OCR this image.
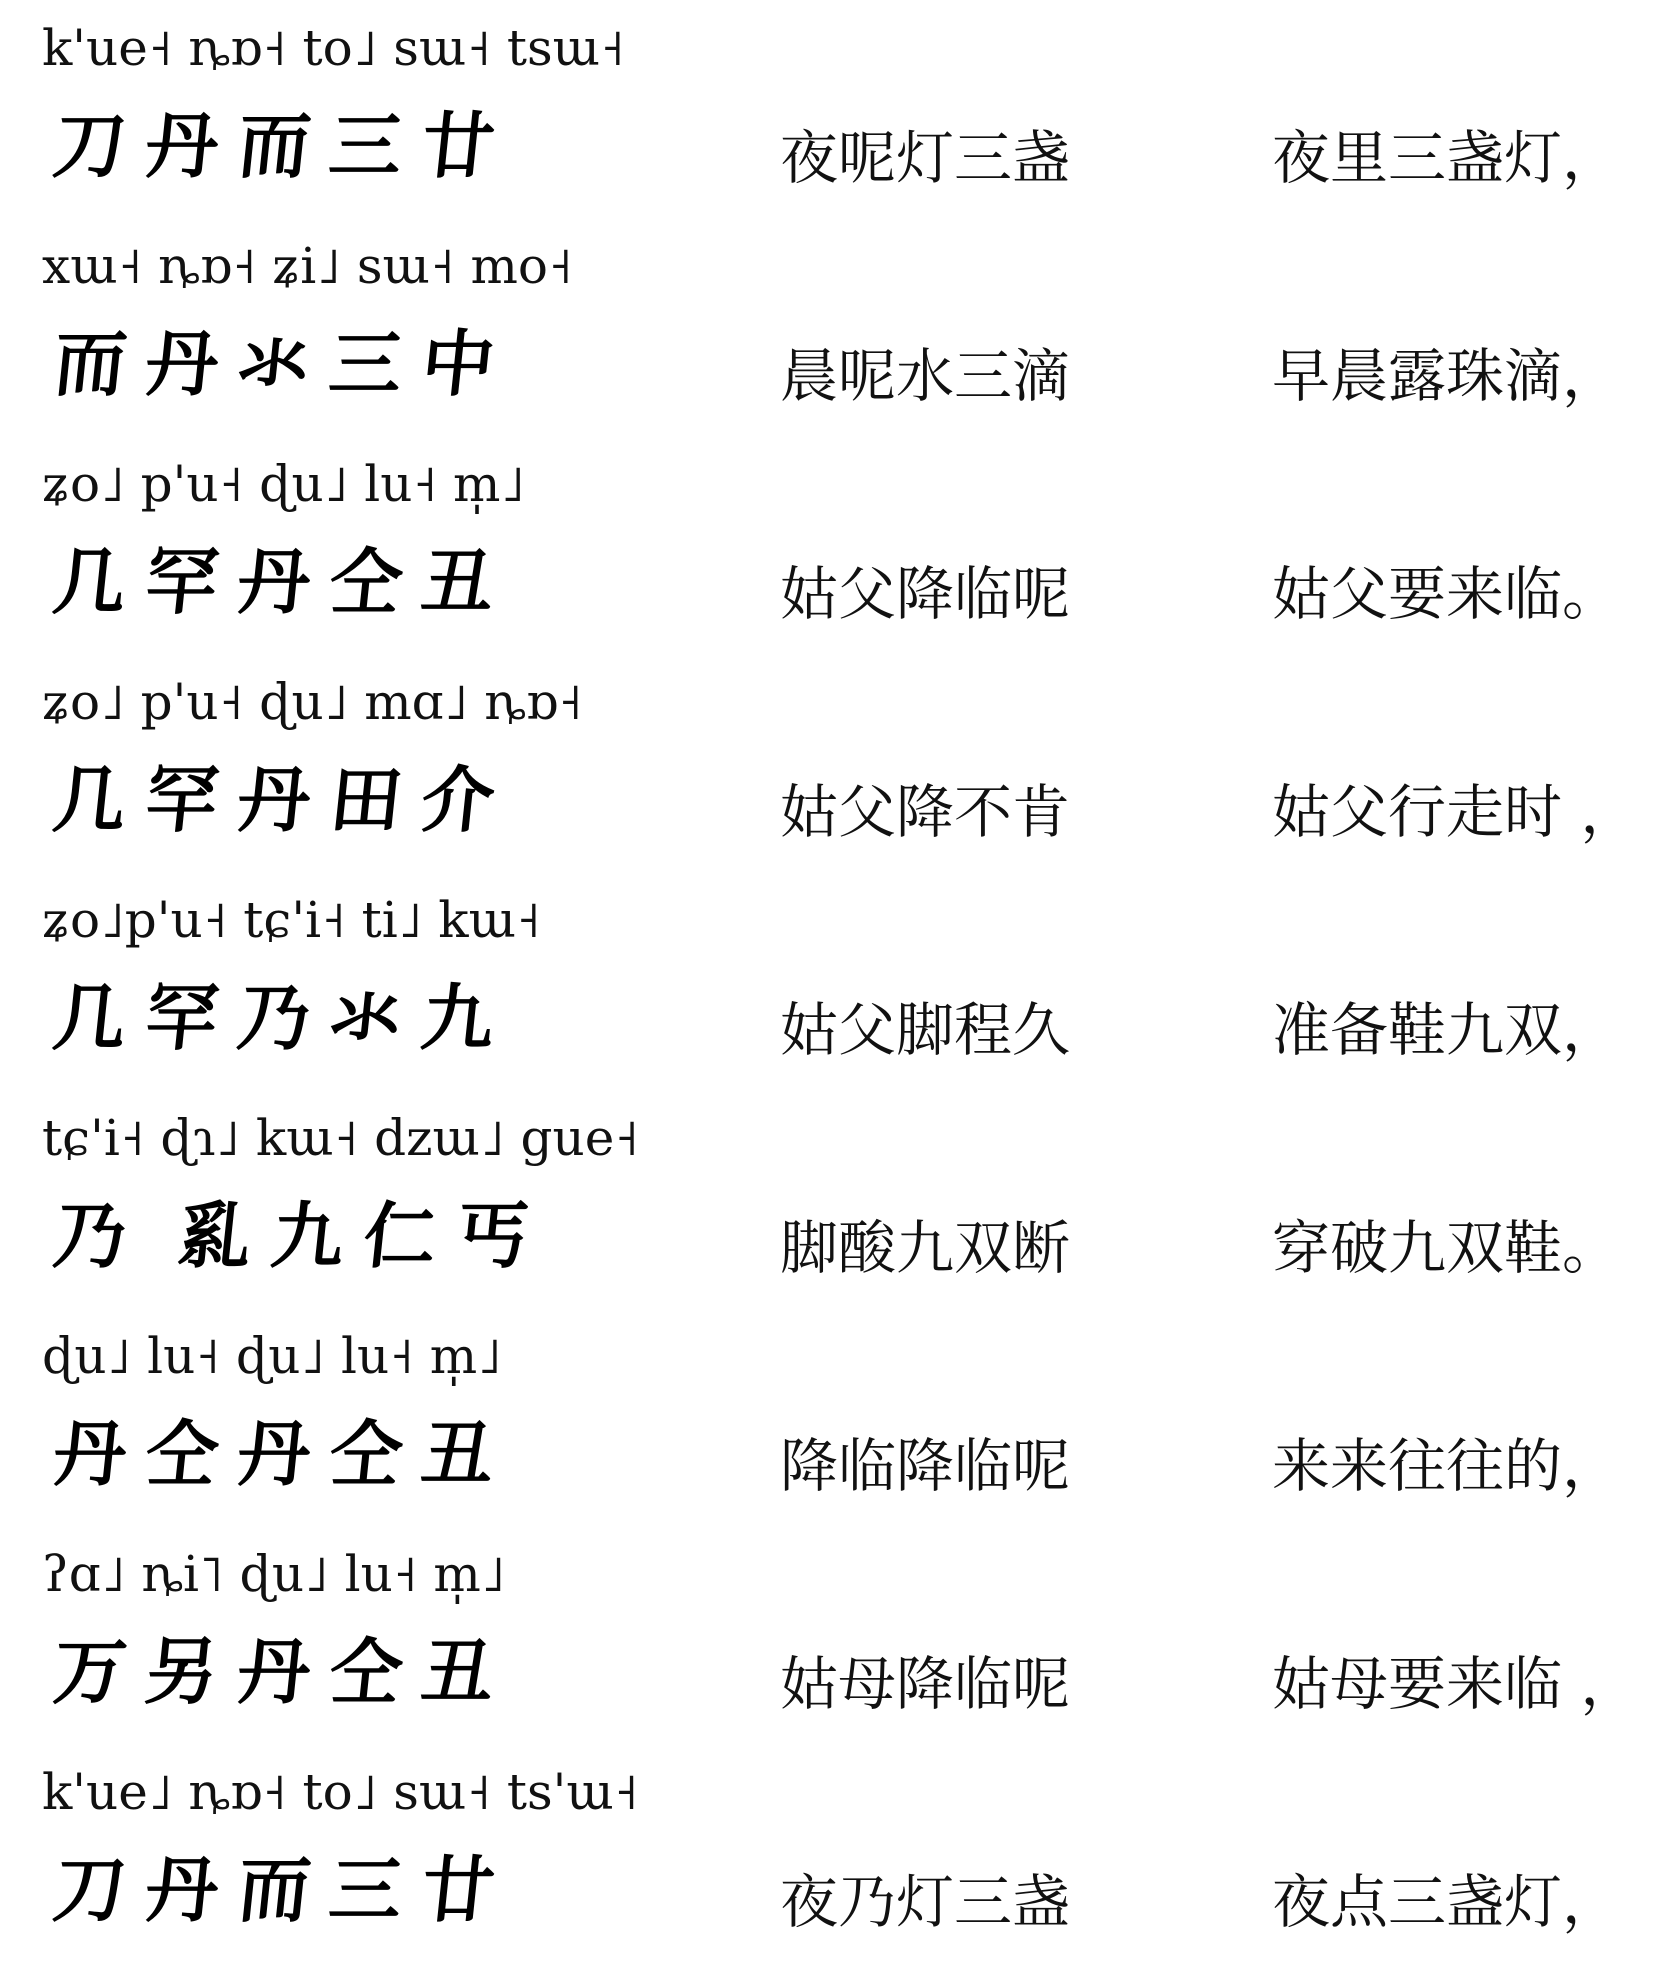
k'ue˧ ȵɒ˧ to˩ sɯ˧ tsɯ˧
刀 丹 而 三 廿	夜呢灯三盏	夜里三盏灯，
xɯ˧ ȵɒ˧ ʑi˩ sɯ˧ mo˧
而 丹 氺 三 中	晨呢水三滴	早晨露珠滴，
ʑo˩ p'u˧ ɖu˩ lu˧ m̩˩
几 罕 丹 仝 丑	姑父降临呢	姑父要来临。
ʑo˩ p'u˧ ɖu˩ mɑ˩ ȵɒ˧
几 罕 丹 田 介	姑父降不肯	姑父行走时 ，
ʑo˩p'u˧ tɕ'i˧ ti˩ kɯ˧
几 罕 乃 氺 九	姑父脚程久	准备鞋九双，
tɕ'i˧ ɖɿ˩ kɯ˧ dzɯ˩ gue˧
乃 乿 九 仁 丐	脚酸九双断	穿破九双鞋。
ɖu˩ lu˧ ɖu˩ lu˧ m̩˩
丹 仝 丹 仝 丑	降临降临呢	来来往往的，
ʔɑ˩ ȵi˥ ɖu˩ lu˧ m̩˩
万 另 丹 仝 丑	姑母降临呢	姑母要来临 ，
k'ue˩ ȵɒ˧ to˩ sɯ˧ ts'ɯ˧
刀 丹 而 三 廿	夜乃灯三盏	夜点三盏灯，
